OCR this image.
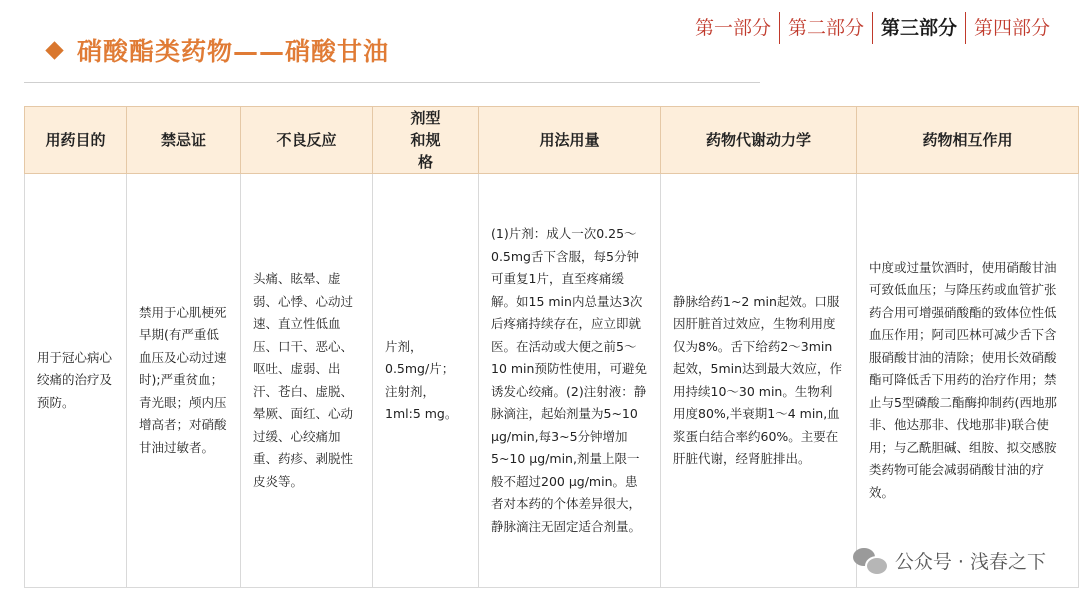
硝酸酯类药物——硝酸甘油
第一部分 第二部分 第三部分 第四部分
用药目的	禁忌证	不良反应	剂型和规格	用法用量	药物代谢动力学	药物相互作用
用于冠心病心绞痛的治疗及预防。	禁用于心肌梗死早期(有严重低血压及心动过速时);严重贫血；青光眼；颅内压增高者；对硝酸甘油过敏者。	头痛、眩晕、虚弱、心悸、心动过速、直立性低血压、口干、恶心、呕吐、虚弱、出汗、苍白、虚脱、晕厥、面红、心动过缓、心绞痛加重、药疹、剥脱性皮炎等。	片剂，0.5mg/片；注射剂，1ml:5 mg。	(1)片剂：成人一次0.25～0.5mg舌下含服，每5分钟可重复1片，直至疼痛缓解。如15 min内总量达3次后疼痛持续存在，应立即就医。在活动或大便之前5～10 min预防性使用，可避免诱发心绞痛。(2)注射液：静脉滴注，起始剂量为5~10 μg/min,每3~5分钟增加5~10 μg/min,剂量上限一般不超过200 μg/min。患者对本药的个体差异很大，静脉滴注无固定适合剂量。	静脉给药1~2 min起效。口服因肝脏首过效应，生物利用度仅为8%。舌下给药2～3min起效，5min达到最大效应，作用持续10～30 min。生物利用度80%,半衰期1～4 min,血浆蛋白结合率约60%。主要在肝脏代谢，经肾脏排出。	中度或过量饮酒时，使用硝酸甘油可致低血压；与降压药或血管扩张药合用可增强硝酸酯的致体位性低血压作用；阿司匹林可减少舌下含服硝酸甘油的清除；使用长效硝酸酯可降低舌下用药的治疗作用；禁止与5型磷酸二酯酶抑制药(西地那非、他达那非、伐地那非)联合使用；与乙酰胆碱、组胺、拟交感胺类药物可能会减弱硝酸甘油的疗效。
公众号 · 浅春之下
